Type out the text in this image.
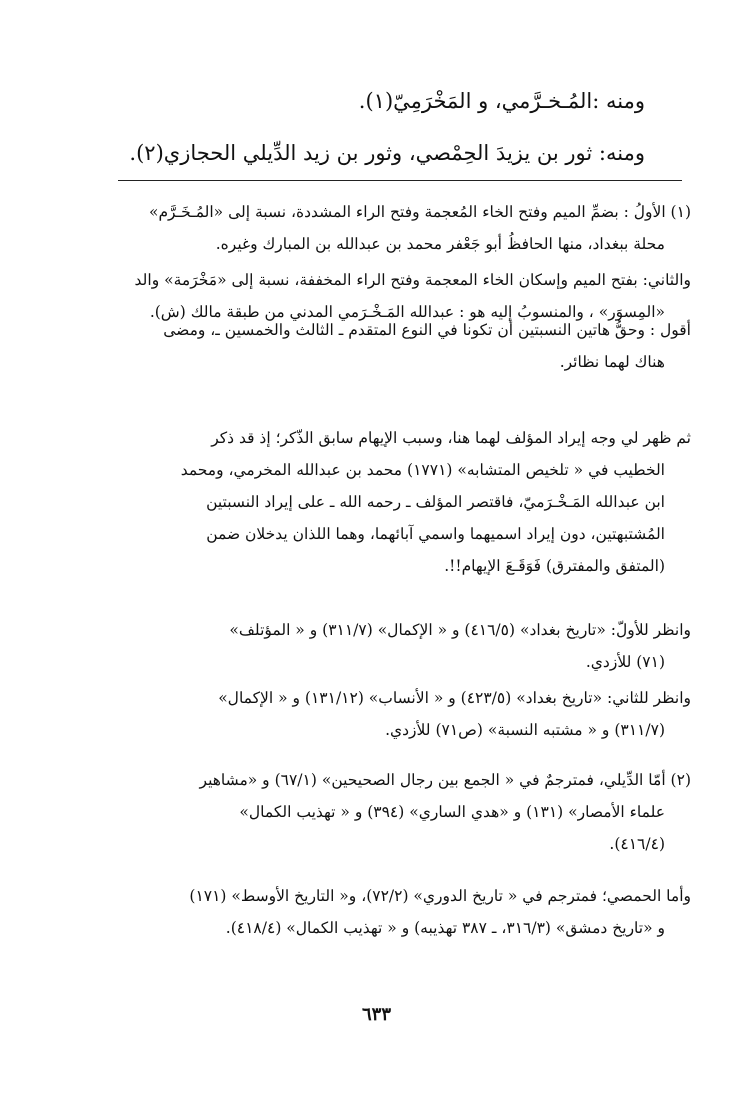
ومنه :المُـخـرَّمي، و المَخْرَمِيّ(١).
ومنه: ثور بن يزيدَ الحِمْصي، وثور بن زيد الدِّيلي الحجازي(٢).
(١) الأولُ : بضمِّ الميم وفتح الخاء المُعجمة وفتح الراء المشددة، نسبة إلى «المُـخَـرَّم»
محلة ببغداد، منها الحافظُ أبو جَعْفر محمد بن عبدالله بن المبارك وغيره.
والثاني: بفتح الميم وإسكان الخاء المعجمة وفتح الراء المخففة، نسبة إلى «مَخْرَمة» والد
«المِسوَر» ، والمنسوبُ إليه هو : عبدالله المَـخْـرَمي المدني من طبقة مالك (ش).
أقول : وحقُّ هاتين النسبتين أن تكونا في النوع المتقدم ـ الثالث والخمسين ـ، ومضى
هناك لهما نظائر.
ثم ظهر لي وجه إيراد المؤلف لهما هنا، وسبب الإيهام سابق الذّكر؛ إذ قد ذكر
الخطيب في « تلخيص المتشابه» (١٧٧١) محمد بن عبدالله المخرمي، ومحمد
ابن عبدالله المَـخْـرَميّ، فاقتصر المؤلف ـ رحمه الله ـ على إيراد النسبتين
المُشتبهتين، دون إيراد اسميهما واسمي آبائهما، وهما اللذان يدخلان ضمن
(المتفق والمفترق) فَوَقَـعَ الإيهام!!.
وانظر للأولّ: «تاريخ بغداد» (٤١٦/٥) و « الإكمال» (٣١١/٧) و « المؤتلف»
(٧١) للأزدي.
وانظر للثاني: «تاريخ بغداد» (٤٢٣/٥) و « الأنساب» (١٣١/١٢) و « الإكمال»
(٣١١/٧) و « مشتبه النسبة» (ص٧١) للأزدي.
(٢) أمّا الدِّيلي، فمترجمٌ في « الجمع بين رجال الصحيحين» (٦٧/١) و «مشاهير
علماء الأمصار» (١٣١) و «هدي الساري» (٣٩٤) و « تهذيب الكمال»
(٤١٦/٤).
وأما الحمصي؛ فمترجم في « تاريخ الدوري» (٧٢/٢)، و« التاريخ الأوسط» (١٧١)
و «تاريخ دمشق» (٣١٦/٣، ـ ٣٨٧ تهذيبه) و « تهذيب الكمال» (٤١٨/٤).
٦٣٣
